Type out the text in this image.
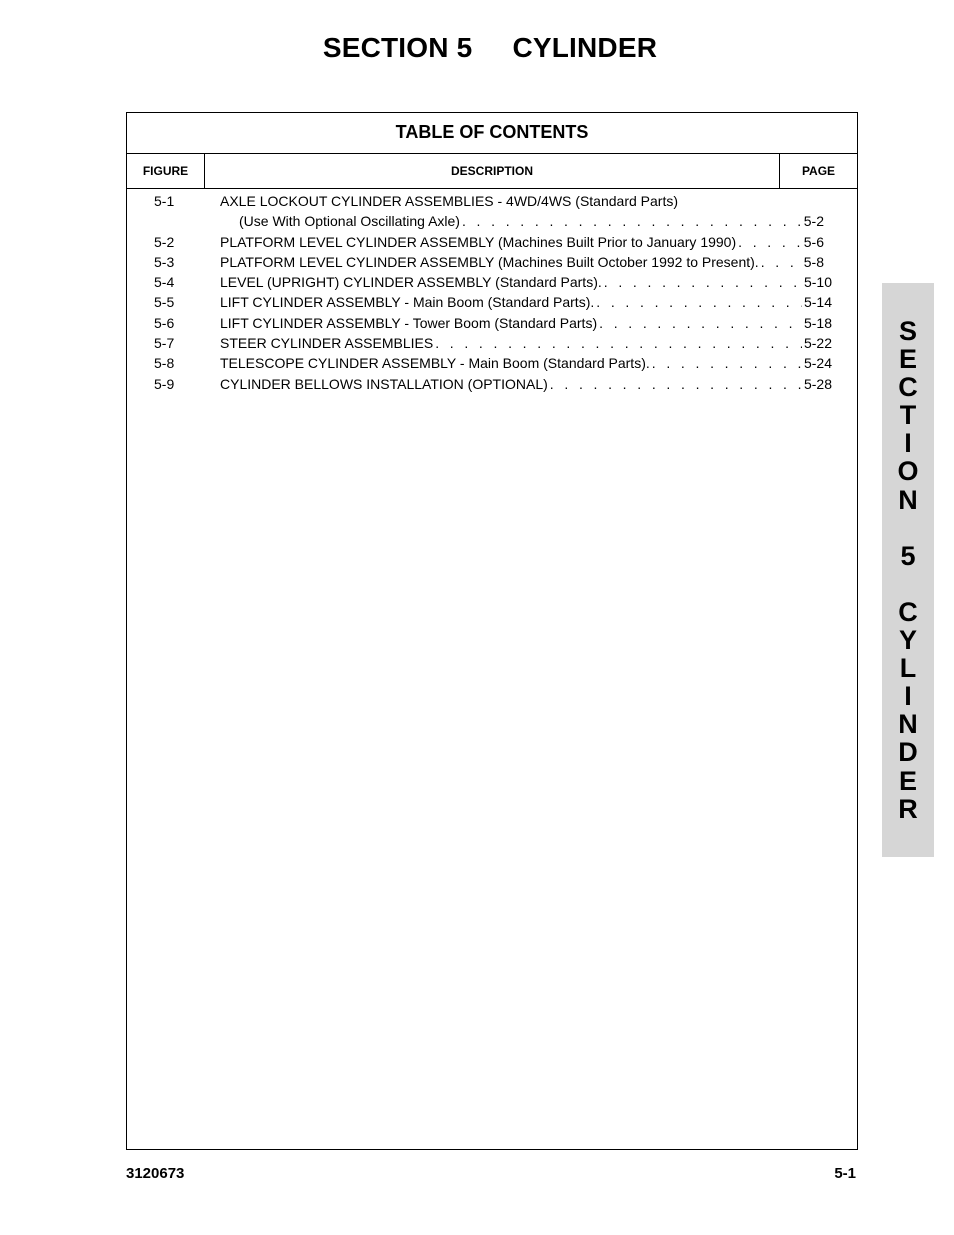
SECTION 5 CYLINDER
TABLE OF CONTENTS
FIGURE	DESCRIPTION	PAGE
5-1	AXLE LOCKOUT CYLINDER ASSEMBLIES - 4WD/4WS (Standard Parts)
(Use With Optional Oscillating Axle) . . .	5-2
5-2	PLATFORM LEVEL CYLINDER ASSEMBLY (Machines Built Prior to January 1990) . . .	5-6
5-3	PLATFORM LEVEL CYLINDER ASSEMBLY (Machines Built October 1992 to Present). . . .	5-8
5-4	LEVEL (UPRIGHT) CYLINDER ASSEMBLY (Standard Parts). . . .	5-10
5-5	LIFT CYLINDER ASSEMBLY - Main Boom (Standard Parts). . . .	5-14
5-6	LIFT CYLINDER ASSEMBLY - Tower Boom (Standard Parts) . . .	5-18
5-7	STEER CYLINDER ASSEMBLIES . . .	5-22
5-8	TELESCOPE CYLINDER ASSEMBLY - Main Boom (Standard Parts). . . .	5-24
5-9	CYLINDER BELLOWS INSTALLATION (OPTIONAL) . . .	5-28
S
E
C
T
I
O
N

5

C
Y
L
I
N
D
E
R
3120673	5-1
